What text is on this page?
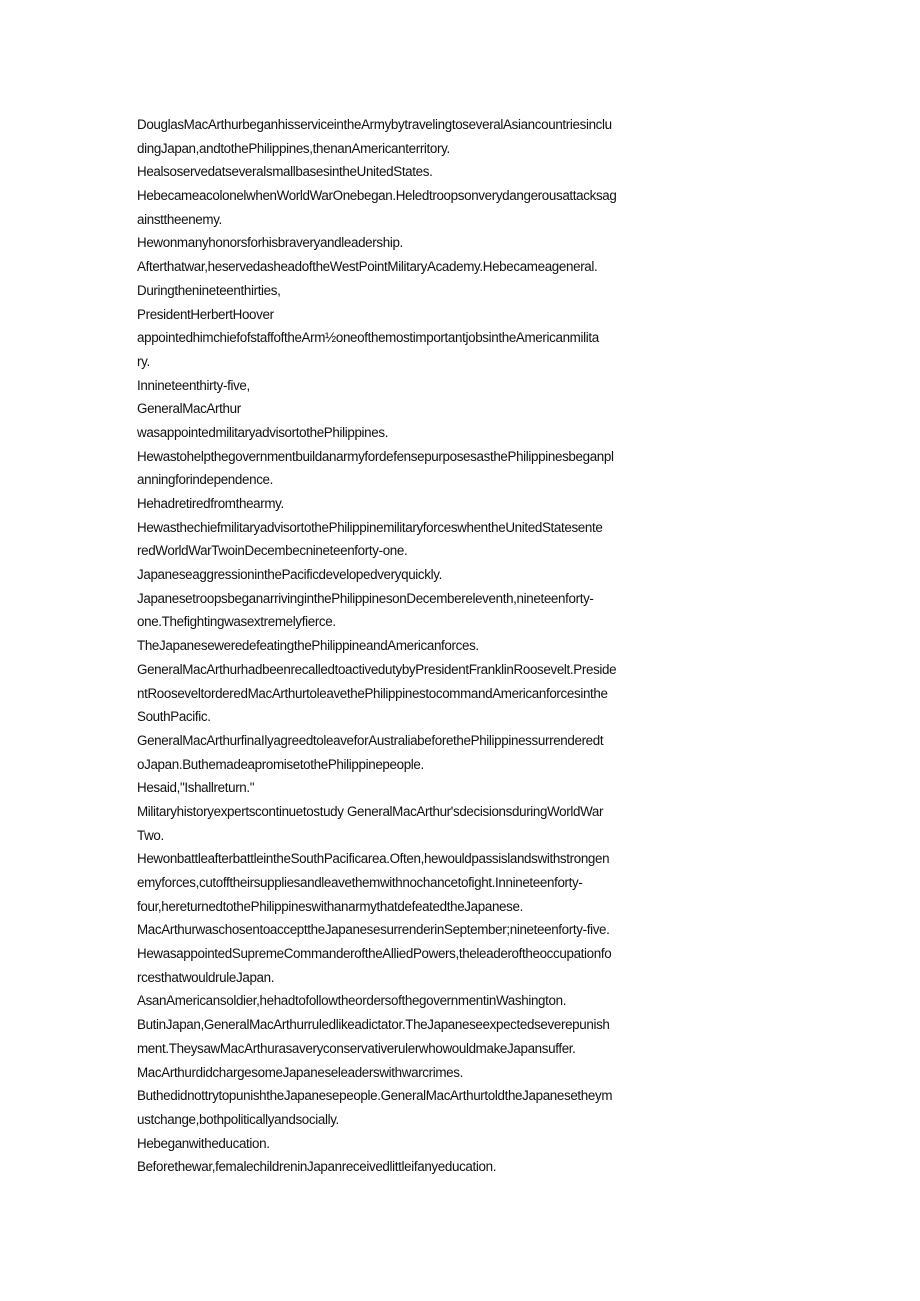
DouglasMacArthurbeganhisserviceintheArmybytravelingtoseveralAsiancountriesinclu
dingJapan,andtothePhilippines,thenanAmericanterritory.
HealsoservedatseveralsmallbasesintheUnitedStates.
HebecameacolonelwhenWorldWarOnebegan.Heledtroopsonverydangerousattacksag
ainsttheenemy.
Hewonmanyhonorsforhisbraveryandleadership.
Afterthatwar,heservedasheadoftheWestPointMilitaryAcademy.Hebecameageneral.
Duringthenineteenthirties,
PresidentHerbertHoover
appointedhimchiefofstaffoftheArm½oneofthemostimportantjobsintheAmericanmilita
ry.
Innineteenthirty-five,
GeneralMacArthur
wasappointedmilitaryadvisortothePhilippines.
HewastohelpthegovernmentbuildanarmyfordefensepurposesasthePhilippinesbeganpl
anningforindependence.
Hehadretiredfromthearmy.
HewasthechiefmilitaryadvisortothePhilippinemilitaryforceswhentheUnitedStatesente
redWorldWarTwoinDecembecnineteenforty-one.
JapaneseaggressioninthePacificdevelopedveryquickly.
JapanesetroopsbeganarrivinginthePhilippinesonDecembereleventh,nineteenforty-
one.Thefightingwasextremelyfierce.
TheJapaneseweredefeatingthePhilippineandAmericanforces.
GeneralMacArthurhadbeenrecalledtoactivedutybyPresidentFranklinRoosevelt.Preside
ntRooseveltorderedMacArthurtoleavethePhilippinestocommandAmericanforcesinthe
SouthPacific.
GeneralMacArthurfinaIlyagreedtoleaveforAustraliabeforethePhilippinessurrenderedt
oJapan.ButhemadeapromisetothePhilippinepeople.
Hesaid,"Ishallreturn."
Militaryhistoryexpertscontinuetostudy GeneralMacArthur'sdecisionsduringWorldWar
Two.
HewonbattleafterbattleintheSouthPacificarea.Often,hewouldpassislandswithstrongen
emyforces,cutofftheirsuppliesandleavethemwithnochancetofight.Innineteenforty-
four,hereturnedtothePhilippineswithanarmythatdefeatedtheJapanese.
MacArthurwaschosentoaccepttheJapanesesurrenderinSeptember;nineteenforty-five.
HewasappointedSupremeCommanderoftheAlliedPowers,theleaderoftheoccupationfo
rcesthatwouldruleJapan.
AsanAmericansoldier,hehadtofollowtheordersofthegovernmentinWashington.
ButinJapan,GeneralMacArthurruledlikeadictator.TheJapaneseexpectedseverepunish
ment.TheysawMacArthurasaveryconservativerulerwhowouldmakeJapansuffer.
MacArthurdidchargesomeJapaneseleaderswithwarcrimes.
ButhedidnottrytopunishtheJapanesepeople.GeneralMacArthurtoldtheJapanesetheym
ustchange,bothpoliticallyandsocially.
Hebeganwitheducation.
Beforethewar,femalechildreninJapanreceivedlittleifanyeducation.
